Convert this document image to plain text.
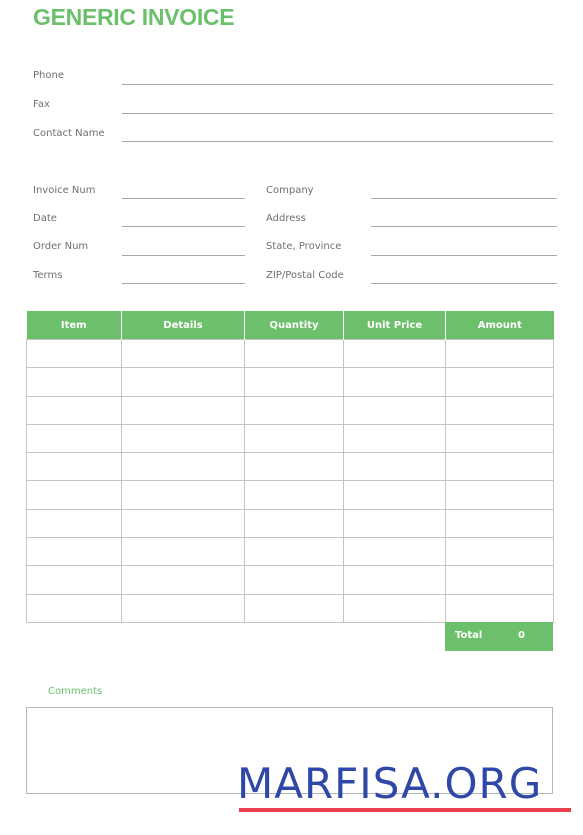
GENERIC INVOICE
Phone
Fax
Contact Name
Invoice Num
Date
Order Num
Terms
Company
Address
State, Province
ZIP/Postal Code
Item	Details	Quantity	Unit Price	Amount

Total	0
Comments
MARFISA.ORG
